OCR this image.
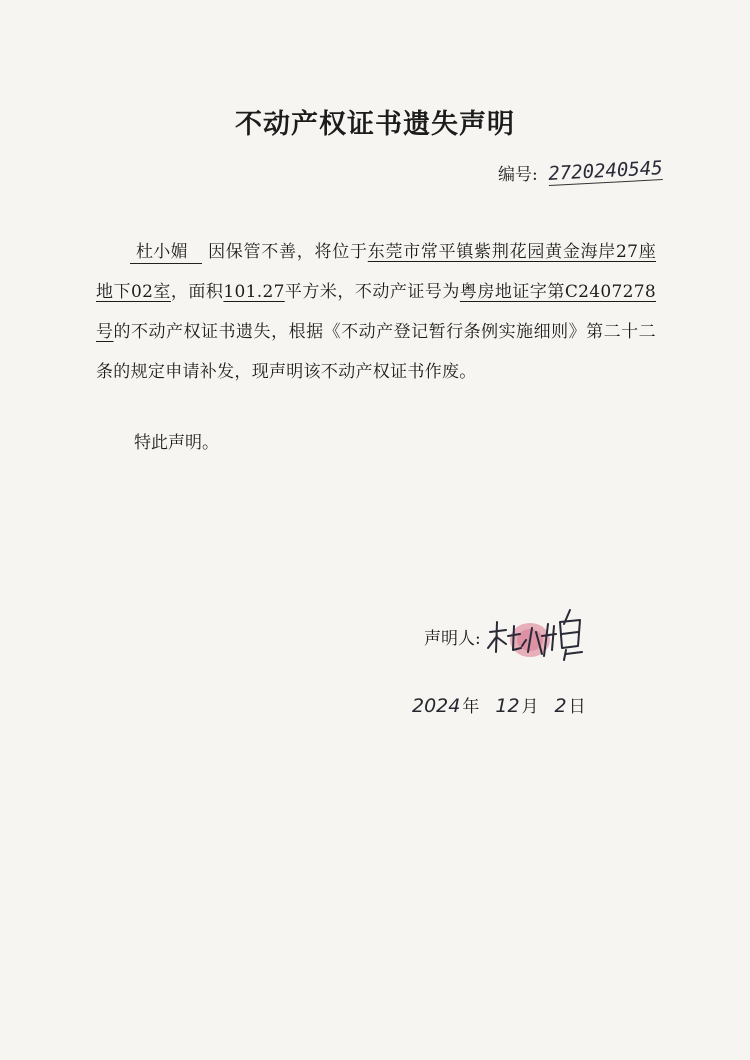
不动产权证书遗失声明
编号: 2720240545
杜小媚 因保管不善，将位于东莞市常平镇紫荆花园黄金海岸27座地下02室，面积101.27平方米，不动产证号为粤房地证字第C2407278号的不动产权证书遗失，根据《不动产登记暂行条例实施细则》第二十二条的规定申请补发，现声明该不动产权证书作废。
特此声明。
声明人:
2024 年 12 月 2 日
